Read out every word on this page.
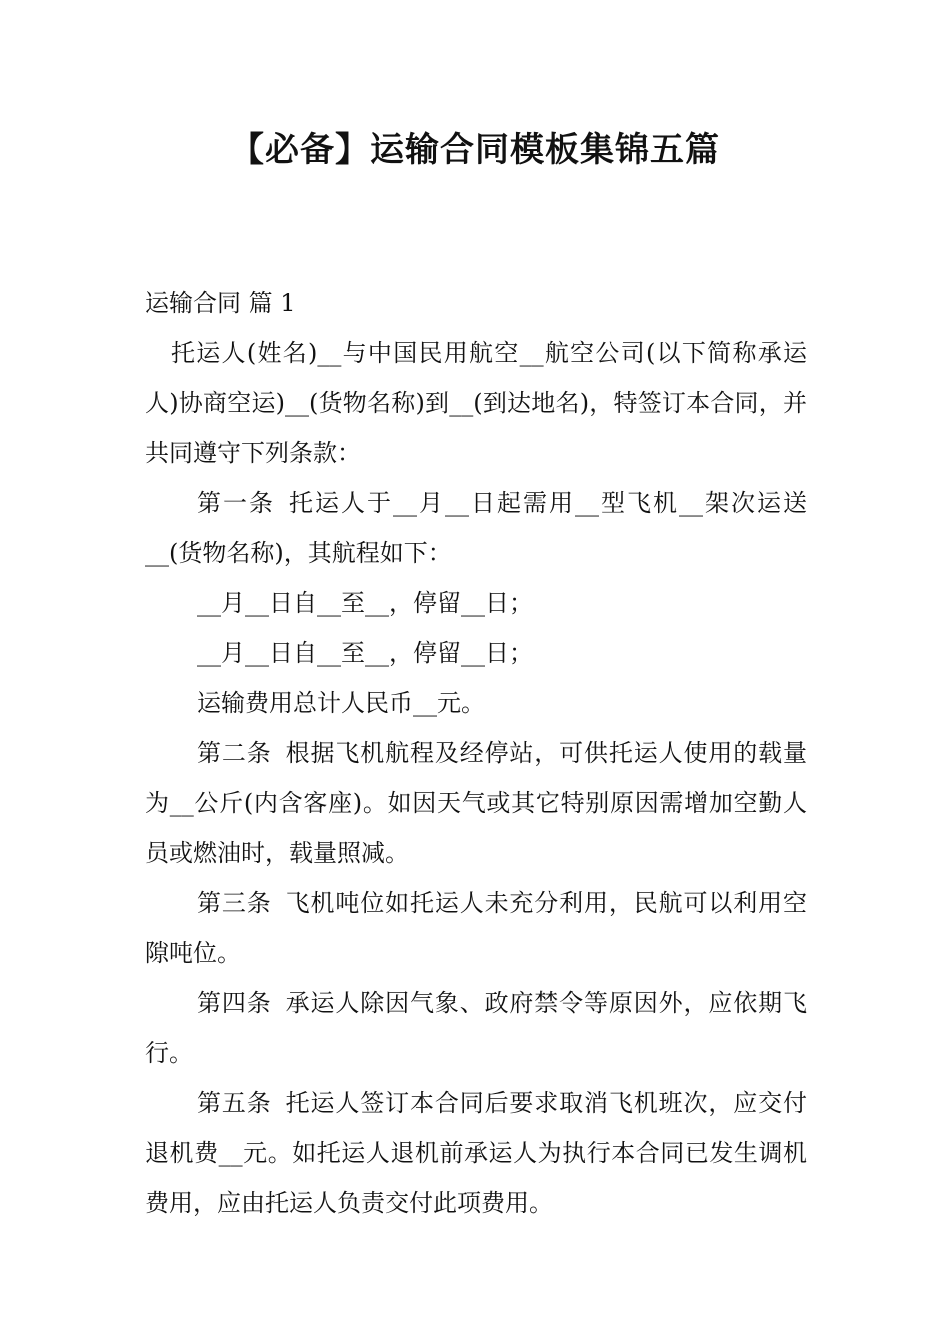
【必备】运输合同模板集锦五篇

运输合同 篇 1

托运人(姓名)__与中国民用航空__航空公司(以下简称承运人)协商空运)__(货物名称)到__(到达地名)，特签订本合同，并共同遵守下列条款：

第一条 托运人于__月__日起需用__型飞机__架次运送__(货物名称)，其航程如下：

__月__日自__至__，停留__日；

__月__日自__至__，停留__日；

运输费用总计人民币__元。

第二条 根据飞机航程及经停站，可供托运人使用的载量为__公斤(内含客座)。如因天气或其它特别原因需增加空勤人员或燃油时，载量照减。

第三条 飞机吨位如托运人未充分利用，民航可以利用空隙吨位。

第四条 承运人除因气象、政府禁令等原因外，应依期飞行。

第五条 托运人签订本合同后要求取消飞机班次，应交付退机费__元。如托运人退机前承运人为执行本合同已发生调机费用，应由托运人负责交付此项费用。
